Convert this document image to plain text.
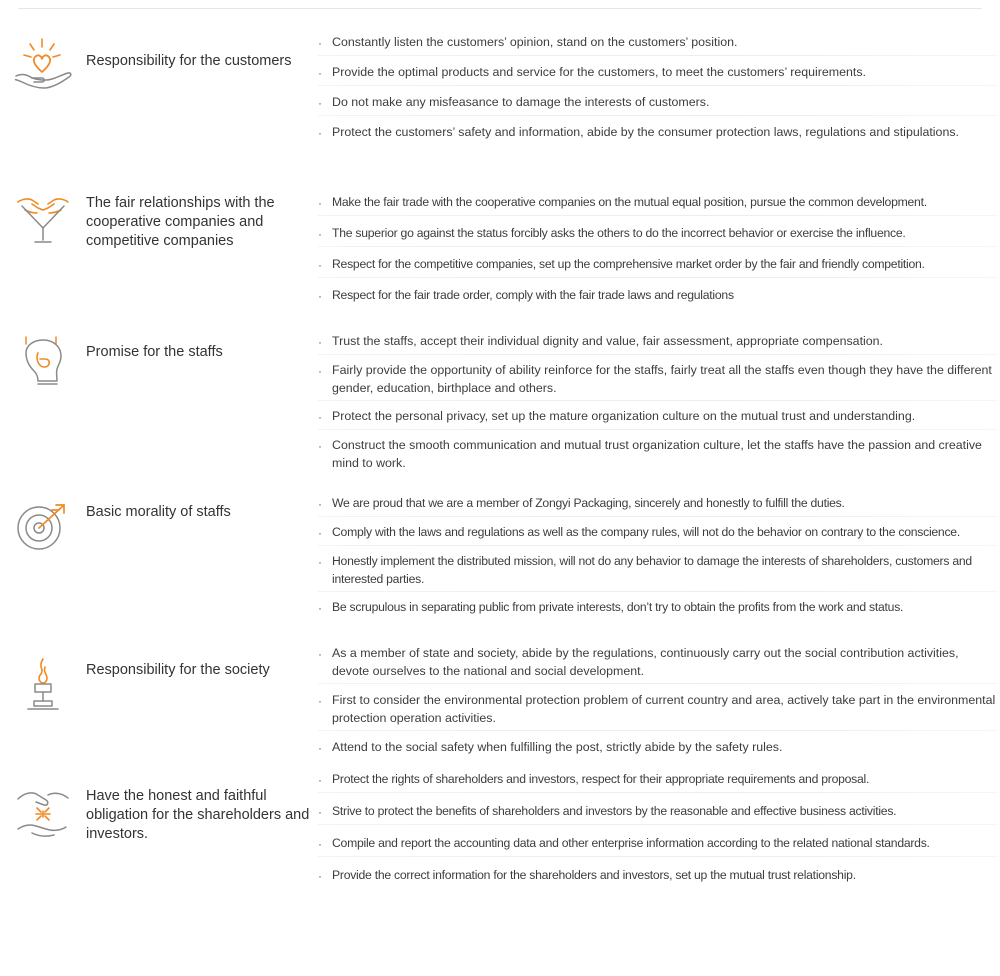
Responsibility for the customers
· Constantly listen the customers’ opinion, stand on the customers’ position.
· Provide the optimal products and service for the customers, to meet the customers’ requirements.
· Do not make any misfeasance to damage the interests of customers.
· Protect the customers’ safety and information, abide by the consumer protection laws, regulations and stipulations.
The fair relationships with the cooperative companies and competitive companies
· Make the fair trade with the cooperative companies on the mutual equal position, pursue the common development.
· The superior go against the status forcibly asks the others to do the incorrect behavior or exercise the influence.
· Respect for the competitive companies, set up the comprehensive market order by the fair and friendly competition.
· Respect for the fair trade order, comply with the fair trade laws and regulations
Promise for the staffs
· Trust the staffs, accept their individual dignity and value, fair assessment, appropriate compensation.
· Fairly provide the opportunity of ability reinforce for the staffs, fairly treat all the staffs even though they have the different gender, education, birthplace and others.
· Protect the personal privacy, set up the mature organization culture on the mutual trust and understanding.
· Construct the smooth communication and mutual trust organization culture, let the staffs have the passion and creative mind to work.
Basic morality of staffs	· We are proud that we are a member of Zongyi Packaging, sincerely and honestly to fulfill the duties.
· Comply with the laws and regulations as well as the company rules, will not do the behavior on contrary to the conscience.
· Honestly implement the distributed mission, will not do any behavior to damage the interests of shareholders, customers and interested parties.
· Be scrupulous in separating public from private interests, don’t try to obtain the profits from the work and status.
Responsibility for the society
· As a member of state and society, abide by the regulations, continuously carry out the social contribution activities, devote ourselves to the national and social development.
· First to consider the environmental protection problem of current country and area, actively take part in the environmental protection operation activities.
· Attend to the social safety when fulfilling the post, strictly abide by the safety rules.
Have the honest and faithful obligation for the shareholders and investors.
· Protect the rights of shareholders and investors, respect for their appropriate requirements and proposal.
· Strive to protect the benefits of shareholders and investors by the reasonable and effective business activities.
· Compile and report the accounting data and other enterprise information according to the related national standards.
· Provide the correct information for the shareholders and investors, set up the mutual trust relationship.
